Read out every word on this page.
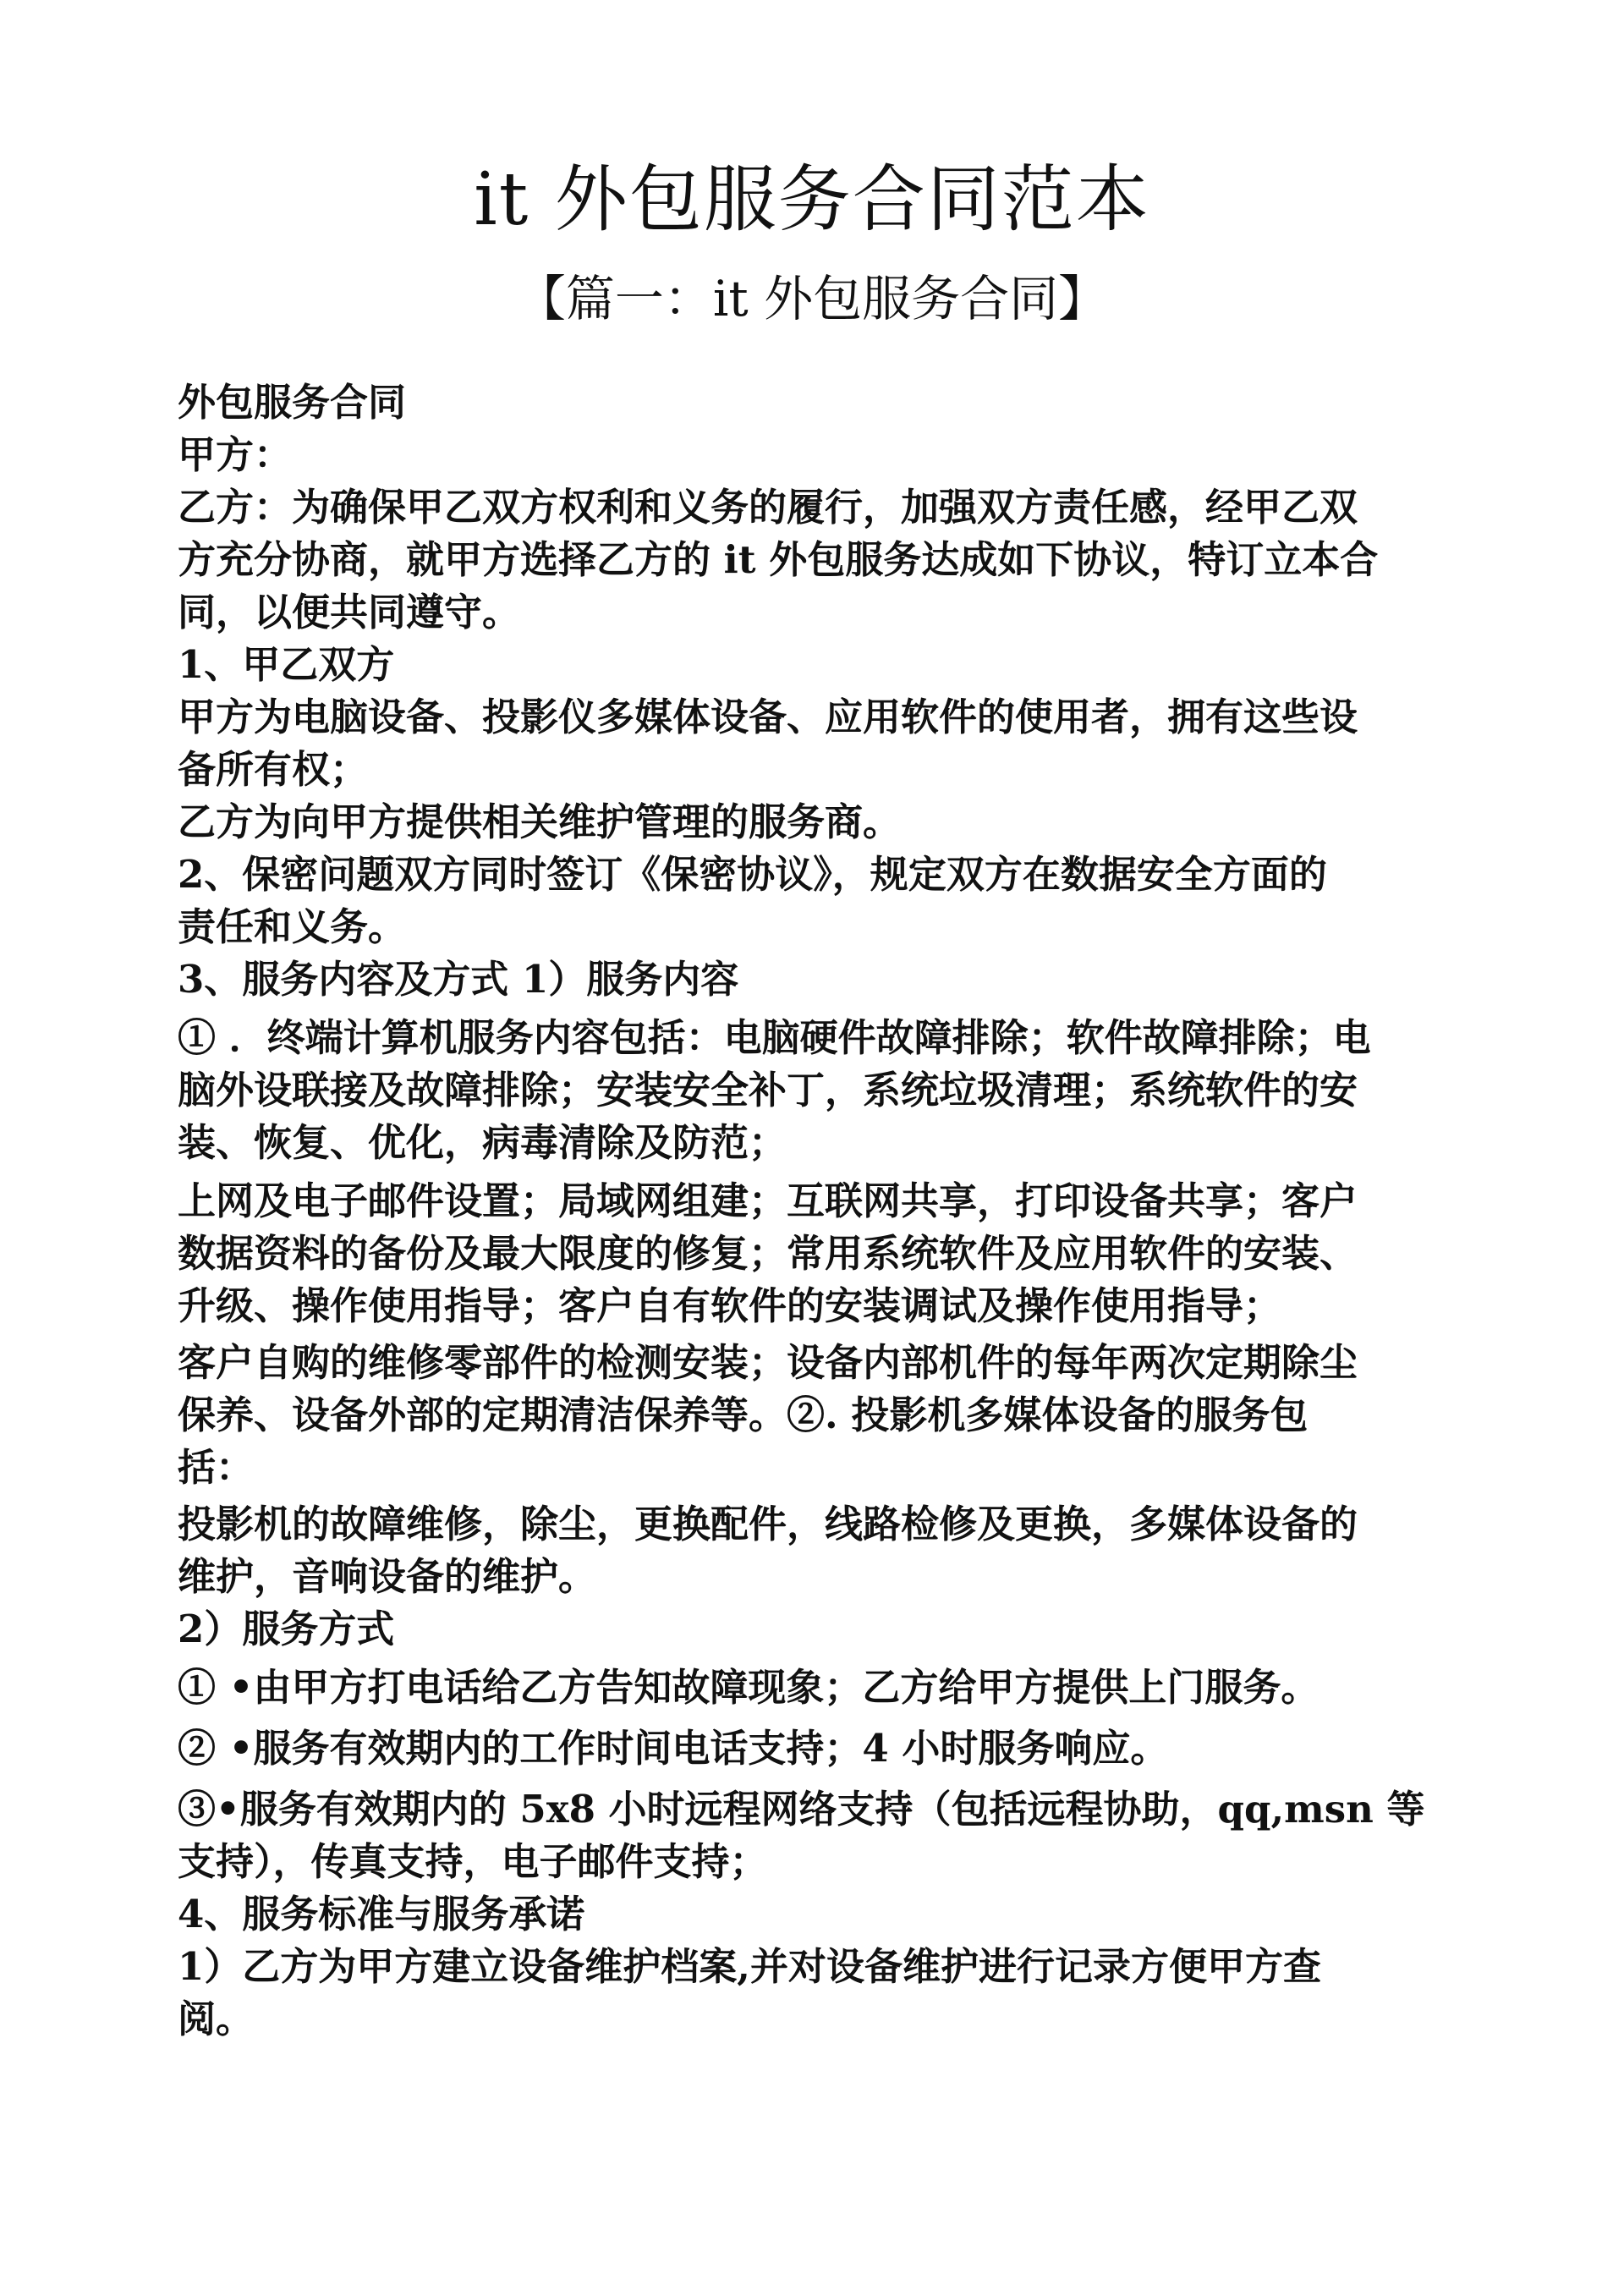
it 外包服务合同范本
【篇一：it 外包服务合同】

外包服务合同

甲方：

乙方：为确保甲乙双方权利和义务的履行，加强双方责任感，经甲乙双

方充分协商，就甲方选择乙方的 it 外包服务达成如下协议，特订立本合

同，以便共同遵守。

1、甲乙双方

甲方为电脑设备、投影仪多媒体设备、应用软件的使用者，拥有这些设

备所有权；

乙方为向甲方提供相关维护管理的服务商。

2、保密问题双方同时签订《保密协议》，规定双方在数据安全方面的

责任和义务。

3、服务内容及方式 1）服务内容

① ．终端计算机服务内容包括：电脑硬件故障排除；软件故障排除；电

脑外设联接及故障排除；安装安全补丁，系统垃圾清理；系统软件的安

装、恢复、优化，病毒清除及防范；

上网及电子邮件设置；局域网组建；互联网共享，打印设备共享；客户

数据资料的备份及最大限度的修复；常用系统软件及应用软件的安装、

升级、操作使用指导；客户自有软件的安装调试及操作使用指导；

客户自购的维修零部件的检测安装；设备内部机件的每年两次定期除尘

保养、设备外部的定期清洁保养等。②. 投影机多媒体设备的服务包

括：

投影机的故障维修，除尘，更换配件，线路检修及更换，多媒体设备的

维护，音响设备的维护。

2）服务方式

① •由甲方打电话给乙方告知故障现象；乙方给甲方提供上门服务。

② •服务有效期内的工作时间电话支持；4 小时服务响应。

③•服务有效期内的 5x8 小时远程网络支持（包括远程协助，qq,msn 等

支持），传真支持，电子邮件支持；

4、服务标准与服务承诺

1）乙方为甲方建立设备维护档案,并对设备维护进行记录方便甲方查

阅。
